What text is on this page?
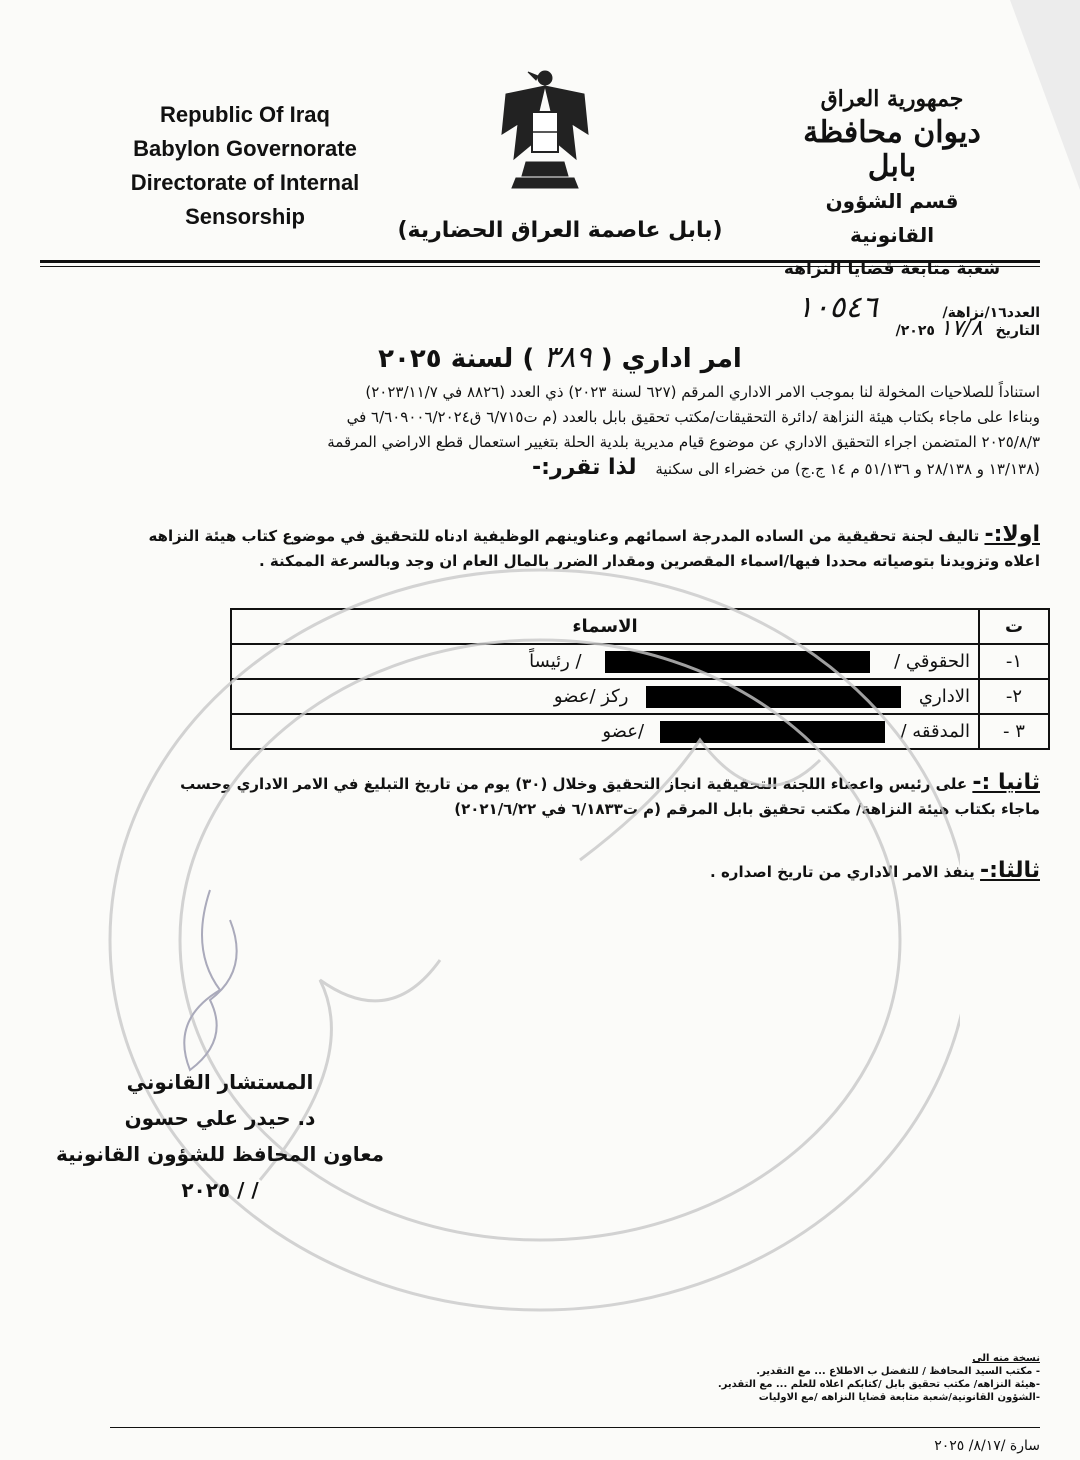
Republic Of Iraq
Babylon Governorate
Directorate of Internal
Sensorship
(بابل عاصمة العراق الحضارية)
جمهورية العراق
ديوان محافظة بابل
قسم الشؤون القانونية
شعبة متابعة قضايا النزاهه
العدد١٦/نزاهة/ ١٠٥٤٦
التاريخ ١٧/٨ ٢٠٢٥/
امر اداري ( ٣٨٩ ) لسنة ٢٠٢٥
استناداً للصلاحيات المخولة لنا بموجب الامر الاداري المرقم (٦٢٧ لسنة ٢٠٢٣) ذي العدد (٨٨٢٦ في ٢٠٢٣/١١/٧)
وبناءا على ماجاء بكتاب هيئة النزاهة /دائرة التحقيقات/مكتب تحقيق بابل بالعدد (م ت٦/٧١٥ ق٦/٦٠٩٠٠٦/٢٠٢٤ في
٢٠٢٥/٨/٣ المتضمن اجراء التحقيق الاداري عن موضوع قيام مديرية بلدية الحلة بتغيير استعمال قطع الاراضي المرقمة
(١٣/١٣٨ و ٢٨/١٣٨ و ٥١/١٣٦ م ١٤ ج.ج) من خضراء الى سكنية لذا تقرر:-
اولا:- تاليف لجنة تحقيقية من الساده المدرجة اسمائهم وعناوينهم الوظيفية ادناه للتحقيق في موضوع كتاب هيئة النزاهه
اعلاه وتزويدنا بتوصياته محددا فيها/اسماء المقصرين ومقدار الضرر بالمال العام ان وجد وبالسرعة الممكنة .
ت	الاسماء
١-	الحقوقي /  / رئيساً
٢-	الاداري  ركز /عضو
٣ -	المدققه /  /عضو
ثانيا :- على رئيس واعضاء اللجنة التحقيقية انجاز التحقيق وخلال (٣٠) يوم من تاريخ التبليغ في الامر الاداري وحسب
ماجاء بكتاب هيئة النزاهة/ مكتب تحقيق بابل المرقم (م ت٦/١٨٣٣ في ٢٠٢١/٦/٢٢)
ثالثا:- ينفذ الامر الاداري من تاريخ اصداره .
المستشار القانوني
د. حيدر علي حسون
معاون المحافظ للشؤون القانونية
/ / ٢٠٢٥
نسخة منه الى
- مكتب السيد المحافظ / للتفضل ب الاطلاع ... مع التقدير.
-هيئة النزاهه/ مكتب تحقيق بابل /كتابكم اعلاه للعلم ... مع التقدير.
-الشؤون القانونية/شعبة متابعة قضايا النزاهه /مع الاوليات
سارة /٨/١٧/ ٢٠٢٥
